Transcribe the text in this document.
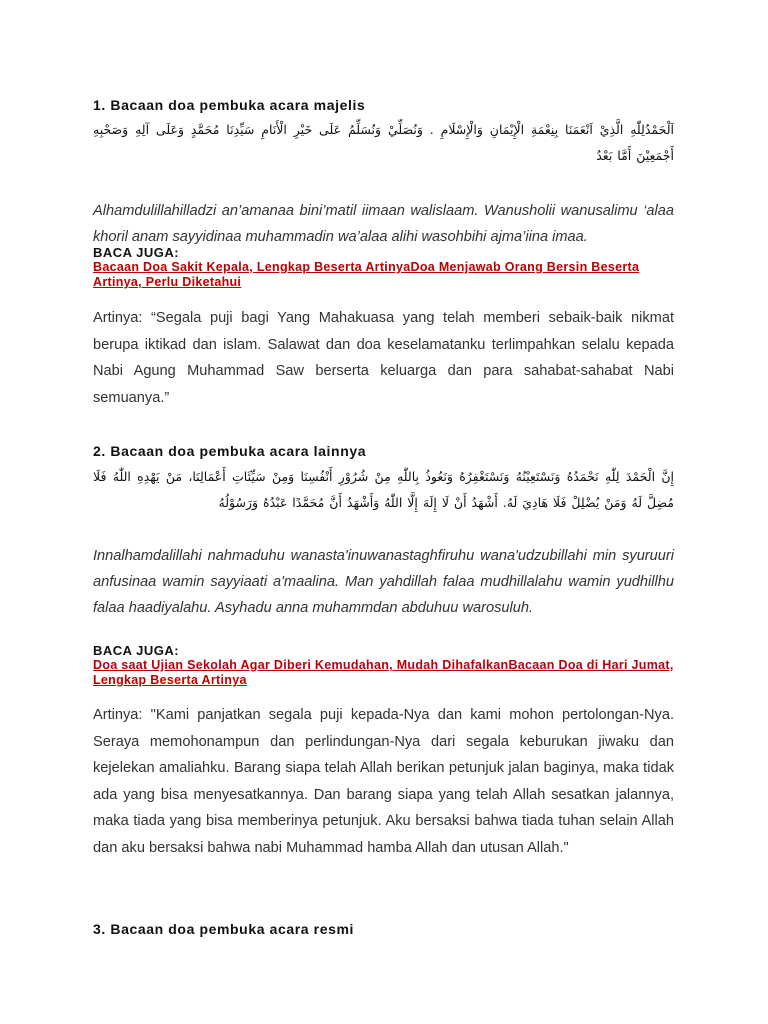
1. Bacaan doa pembuka acara majelis

اَلْحَمْدُلِلّٰهِ الَّذِيْ اَنْعَمَنَا بِنِعْمَةِ الْإِيْمَانِ وَالْإِسْلَامِ . وَنُصَلِّيْ وَنُسَلِّمُ عَلَى خَيْرِ الْأَنَامِ سَيِّدِنَا مُحَمَّدٍ وَعَلَى آلِهِ وَصَحْبِهِ أَجْمَعِيْنَ أَمَّا بَعْدُ

Alhamdulillahilladzi an’amanaa bini’matil iimaan walislaam. Wanusholii wanusalimu ‘alaa khoril anam sayyidinaa muhammadin wa’alaa alihi wasohbihi ajma’iina imaa.

BACA JUGA:

Bacaan Doa Sakit Kepala, Lengkap Beserta ArtinyaDoa Menjawab Orang Bersin Beserta Artinya, Perlu Diketahui

Artinya: “Segala puji bagi Yang Mahakuasa yang telah memberi sebaik-baik nikmat berupa iktikad dan islam. Salawat dan doa keselamatanku terlimpahkan selalu kepada Nabi Agung Muhammad Saw berserta keluarga dan para sahabat-sahabat Nabi semuanya.”

2. Bacaan doa pembuka acara lainnya

إِنَّ الْحَمْدَ لِلّٰهِ نَحْمَدُهُ وَنَسْتَعِيْنُهُ وَنَسْتَغْفِرُهُ وَنَعُوذُ بِاللّٰهِ مِنْ شُرُوْرِ أَنْفُسِنَا وَمِنْ سَيِّئَاتِ أَعْمَالِنَا، مَنْ يَهْدِهِ اللّٰهُ فَلَا مُضِلَّ لَهُ وَمَنْ يُضْلِلْ فَلَا هَادِيَ لَهُ. أَشْهَدُ أَنْ لَا إِلَهَ إِلَّا اللّٰهُ وَأَشْهَدُ أَنَّ مُحَمَّدًا عَبْدُهُ وَرَسُوْلُهُ

Innalhamdalillahi nahmaduhu wanasta'inuwanastaghfiruhu wana'udzubillahi min syuruuri anfusinaa wamin sayyiaati a'maalina. Man yahdillah falaa mudhillalahu wamin yudhillhu falaa haadiyalahu. Asyhadu anna muhammdan abduhuu warosuluh.

BACA JUGA:

Doa saat Ujian Sekolah Agar Diberi Kemudahan, Mudah DihafalkanBacaan Doa di Hari Jumat, Lengkap Beserta Artinya

Artinya: "Kami panjatkan segala puji kepada-Nya dan kami mohon pertolongan-Nya. Seraya memohonampun dan perlindungan-Nya dari segala keburukan jiwaku dan kejelekan amaliahku. Barang siapa telah Allah berikan petunjuk jalan baginya, maka tidak ada yang bisa menyesatkannya. Dan barang siapa yang telah Allah sesatkan jalannya, maka tiada yang bisa memberinya petunjuk. Aku bersaksi bahwa tiada tuhan selain Allah dan aku bersaksi bahwa nabi Muhammad hamba Allah dan utusan Allah."

3. Bacaan doa pembuka acara resmi
